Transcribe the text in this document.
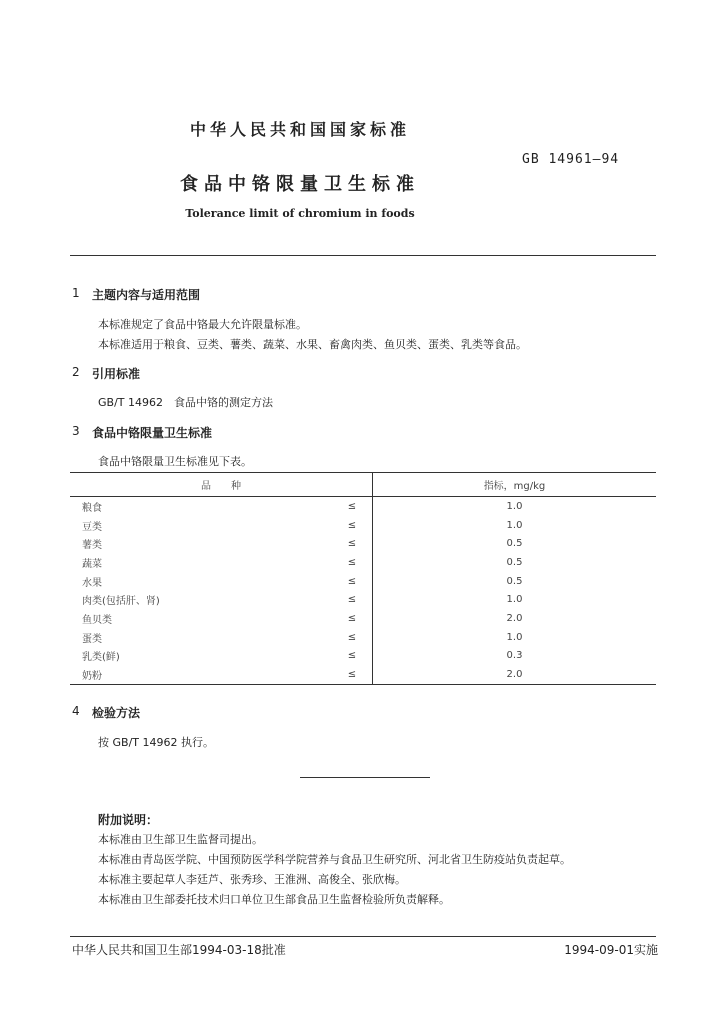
中华人民共和国国家标准
GB 14961—94
食品中铬限量卫生标准
Tolerance limit of chromium in foods
1 主题内容与适用范围
本标准规定了食品中铬最大允许限量标准。
本标准适用于粮食、豆类、薯类、蔬菜、水果、畜禽肉类、鱼贝类、蛋类、乳类等食品。
2 引用标准
GB/T 14962　食品中铬的测定方法
3 食品中铬限量卫生标准
食品中铬限量卫生标准见下表。
品　　种		指标，mg/kg
粮食	≤	1.0
豆类	≤	1.0
薯类	≤	0.5
蔬菜	≤	0.5
水果	≤	0.5
肉类(包括肝、肾)	≤	1.0
鱼贝类	≤	2.0
蛋类	≤	1.0
乳类(鲜)	≤	0.3
奶粉	≤	2.0
4 检验方法
按 GB/T 14962 执行。
附加说明：
本标准由卫生部卫生监督司提出。
本标准由青岛医学院、中国预防医学科学院营养与食品卫生研究所、河北省卫生防疫站负责起草。
本标准主要起草人李廷芦、张秀珍、王淮洲、高俊全、张欣梅。
本标准由卫生部委托技术归口单位卫生部食品卫生监督检验所负责解释。
中华人民共和国卫生部1994-03-18批准	1994-09-01实施
